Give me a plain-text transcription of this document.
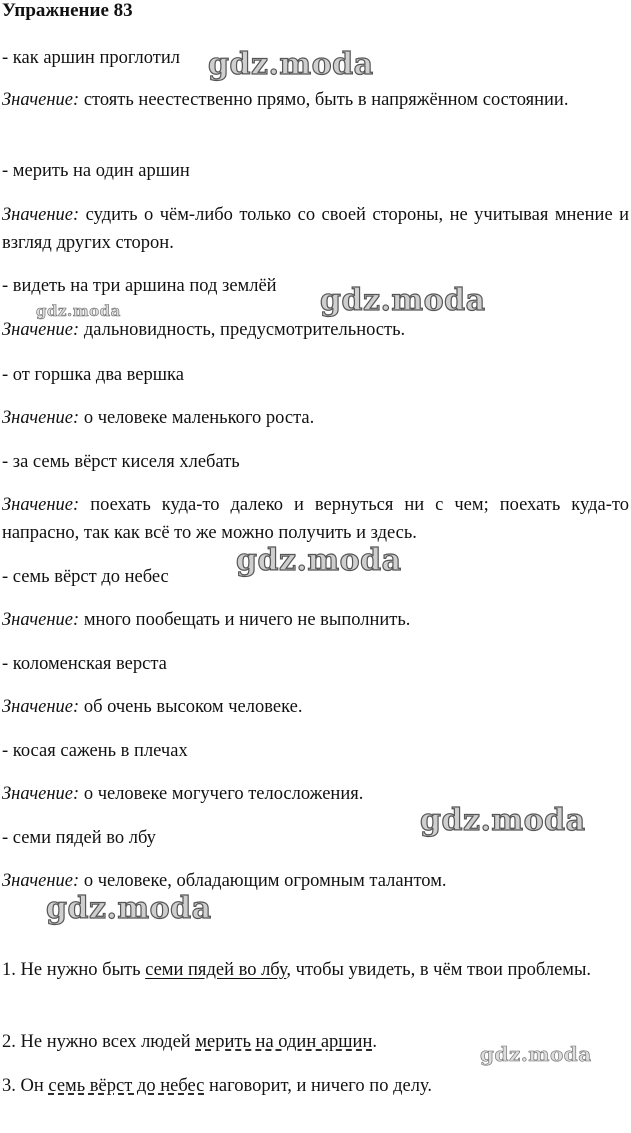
Упражнение 83
- как аршин проглотил
Значение: стоять неестественно прямо, быть в напряжённом состоянии.
- мерить на один аршин
Значение: судить о чём-либо только со своей стороны, не учитывая мнение и взгляд других сторон.
- видеть на три аршина под землёй
Значение: дальновидность, предусмотрительность.
- от горшка два вершка
Значение: о человеке маленького роста.
- за семь вёрст киселя хлебать
Значение: поехать куда-то далеко и вернуться ни с чем; поехать куда-то напрасно, так как всё то же можно получить и здесь.
- семь вёрст до небес
Значение: много пообещать и ничего не выполнить.
- коломенская верста
Значение: об очень высоком человеке.
- косая сажень в плечах
Значение: о человеке могучего телосложения.
- семи пядей во лбу
Значение: о человеке, обладающим огромным талантом.
1. Не нужно быть семи пядей во лбу, чтобы увидеть, в чём твои проблемы.
2. Не нужно всех людей мерить на один аршин.
3. Он семь вёрст до небес наговорит, и ничего по делу.
gdz.moda
gdz.moda
gdz.moda
gdz.moda
gdz.moda
gdz.moda
gdz.moda
